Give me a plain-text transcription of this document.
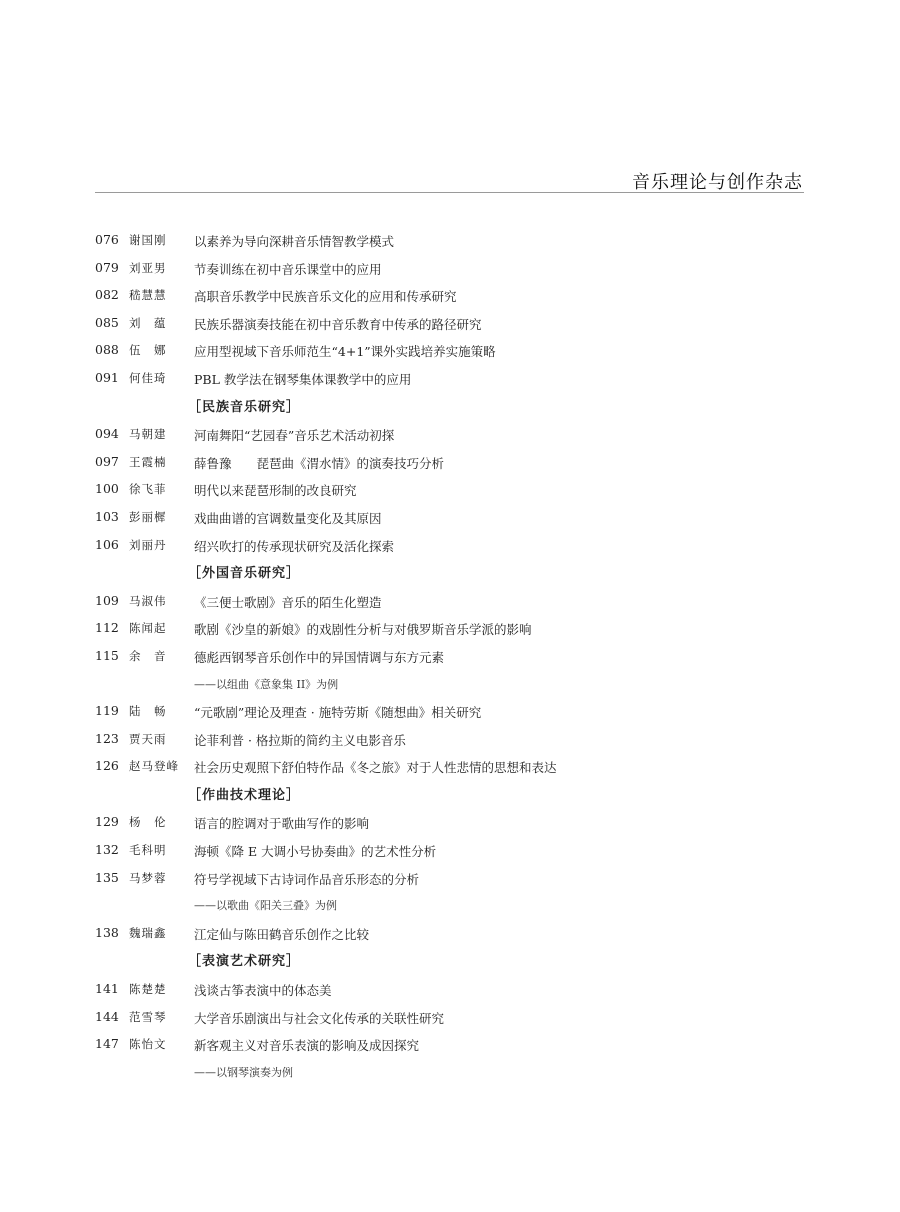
音乐理论与创作杂志
076 谢国刚	以素养为导向深耕音乐情智教学模式
079 刘亚男	节奏训练在初中音乐课堂中的应用
082 嵇慧慧	高职音乐教学中民族音乐文化的应用和传承研究
085 刘　蕴	民族乐器演奏技能在初中音乐教育中传承的路径研究
088 伍　娜	应用型视域下音乐师范生“4+1”课外实践培养实施策略
091 何佳琦	PBL 教学法在钢琴集体课教学中的应用
［民族音乐研究］
094 马朝建	河南舞阳“艺园春”音乐艺术活动初探
097 王霞楠	薛鲁豫　　琵琶曲《渭水情》的演奏技巧分析
100 徐飞菲	明代以来琵琶形制的改良研究
103 彭丽樨	戏曲曲谱的宫调数量变化及其原因
106 刘丽丹	绍兴吹打的传承现状研究及活化探索
［外国音乐研究］
109 马淑伟	《三便士歌剧》音乐的陌生化塑造
112 陈闻起	歌剧《沙皇的新娘》的戏剧性分析与对俄罗斯音乐学派的影响
115 余　音	德彪西钢琴音乐创作中的异国情调与东方元素
——以组曲《意象集 II》为例
119 陆　畅	“元歌剧”理论及理查 · 施特劳斯《随想曲》相关研究
123 贾天雨	论菲利普 · 格拉斯的简约主义电影音乐
126 赵马登峰	社会历史观照下舒伯特作品《冬之旅》对于人性悲情的思想和表达
［作曲技术理论］
129 杨　伦	语言的腔调对于歌曲写作的影响
132 毛科明	海顿《降 E 大调小号协奏曲》的艺术性分析
135 马梦蓉	符号学视域下古诗词作品音乐形态的分析
——以歌曲《阳关三叠》为例
138 魏瑞鑫	江定仙与陈田鹤音乐创作之比较
［表演艺术研究］
141 陈楚楚	浅谈古筝表演中的体态美
144 范雪琴	大学音乐剧演出与社会文化传承的关联性研究
147 陈怡文	新客观主义对音乐表演的影响及成因探究
——以钢琴演奏为例
